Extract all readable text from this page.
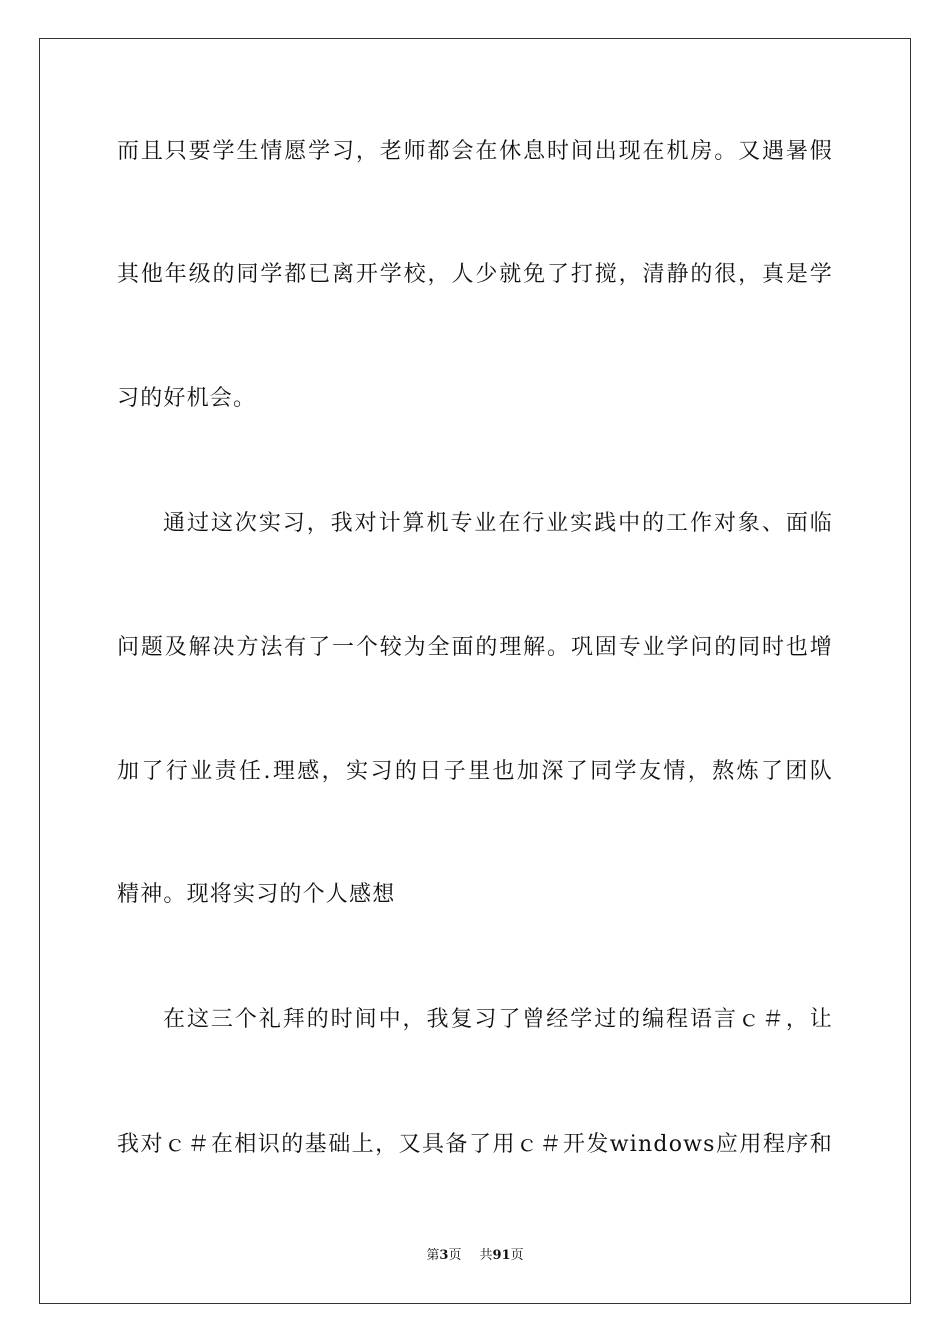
而且只要学生情愿学习，老师都会在休息时间出现在机房。又遇暑假
其他年级的同学都已离开学校，人少就免了打搅，清静的很，真是学
习的好机会。
通过这次实习，我对计算机专业在行业实践中的工作对象、面临
问题及解决方法有了一个较为全面的理解。巩固专业学问的同时也增
加了行业责任.理感，实习的日子里也加深了同学友情，熬炼了团队
精神。现将实习的个人感想
在这三个礼拜的时间中，我复习了曾经学过的编程语言ｃ＃，让
我对ｃ＃在相识的基础上，又具备了用ｃ＃开发windows应用程序和
第3页 共91页
